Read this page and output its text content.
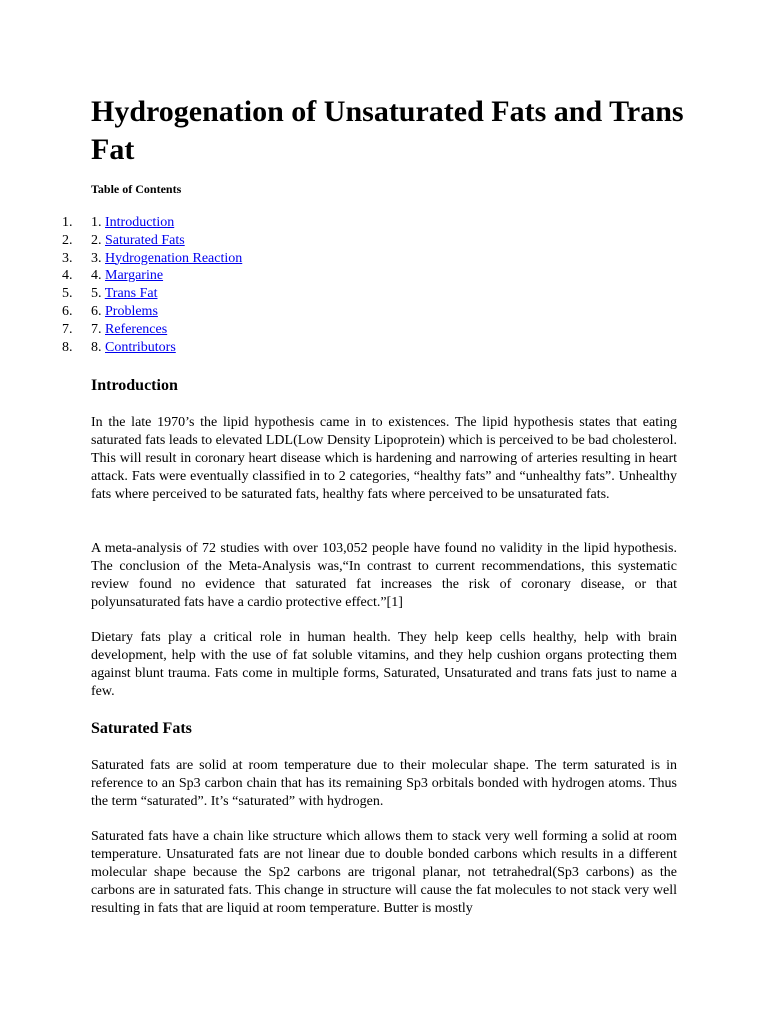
Hydrogenation of Unsaturated Fats and Trans Fat
Table of Contents
1.	1. Introduction
2.	2. Saturated Fats
3.	3. Hydrogenation Reaction
4.	4. Margarine
5.	5. Trans Fat
6.	6. Problems
7.	7. References
8.	8. Contributors
Introduction

In the late 1970’s the lipid hypothesis came in to existences. The lipid hypothesis states that eating saturated fats leads to elevated LDL(Low Density Lipoprotein) which is perceived to be bad cholesterol. This will result in coronary heart disease which is hardening and narrowing of arteries resulting in heart attack. Fats were eventually classified in to 2 categories, “healthy fats” and “unhealthy fats”. Unhealthy fats where perceived to be saturated fats, healthy fats where perceived to be unsaturated fats.

A meta-analysis of 72 studies with over 103,052 people have found no validity in the lipid hypothesis. The conclusion of the Meta-Analysis was,“In contrast to current recommendations, this systematic review found no evidence that saturated fat increases the risk of coronary disease, or that polyunsaturated fats have a cardio protective effect.”[1]

Dietary fats play a critical role in human health. They help keep cells healthy, help with brain development, help with the use of fat soluble vitamins, and they help cushion organs protecting them against blunt trauma. Fats come in multiple forms, Saturated, Unsaturated and trans fats just to name a few.

Saturated Fats

Saturated fats are solid at room temperature due to their molecular shape. The term saturated is in reference to an Sp3 carbon chain that has its remaining Sp3 orbitals bonded with hydrogen atoms. Thus the term “saturated”. It’s “saturated” with hydrogen.

Saturated fats have a chain like structure which allows them to stack very well forming a solid at room temperature. Unsaturated fats are not linear due to double bonded carbons which results in a different molecular shape because the Sp2 carbons are trigonal planar, not tetrahedral(Sp3 carbons) as the carbons are in saturated fats. This change in structure will cause the fat molecules to not stack very well resulting in fats that are liquid at room temperature. Butter is mostly
